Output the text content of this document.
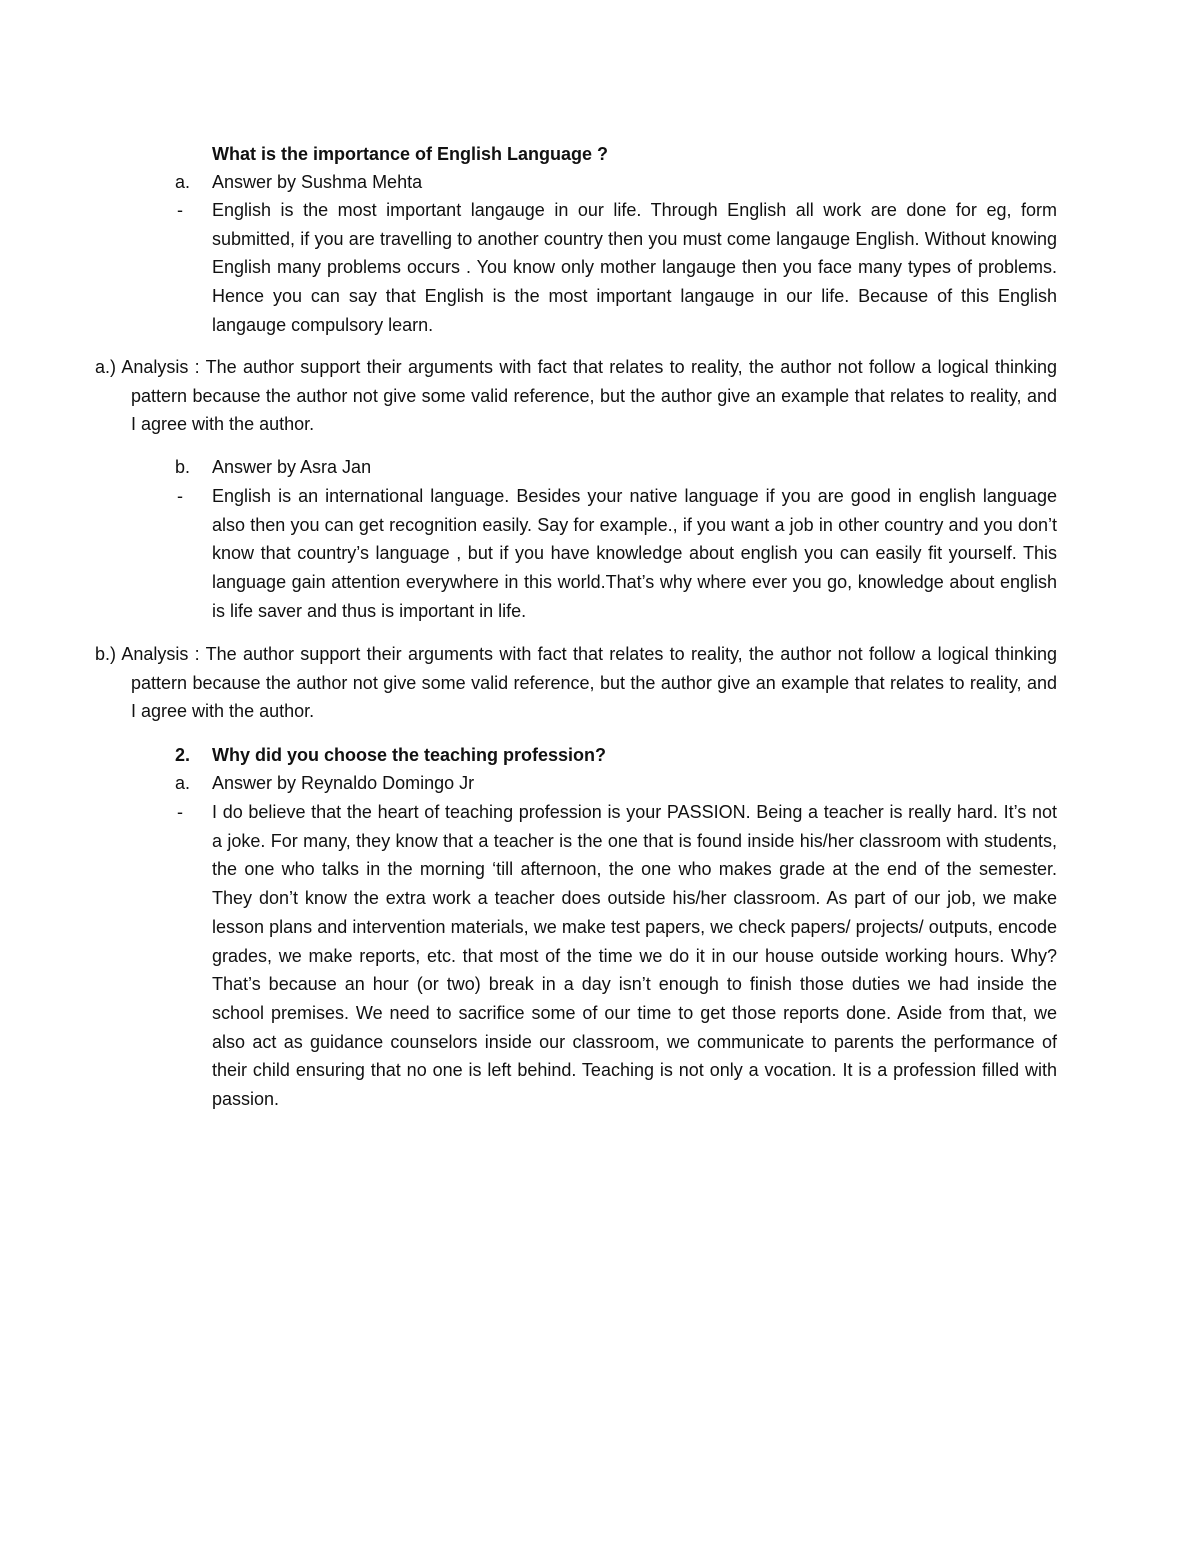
What is the importance of English Language ?
a. Answer by Sushma Mehta
- English is the most important langauge in our life. Through English all work are done for eg, form submitted, if you are travelling to another country then you must come langauge English. Without knowing English many problems occurs . You know only mother langauge then you face many types of problems. Hence you can say that English is the most important langauge in our life. Because of this English langauge compulsory learn.
a.) Analysis : The author support their arguments with fact that relates to reality, the author not follow a logical thinking pattern because the author not give some valid reference, but the author give an example that relates to reality, and I agree with the author.
b. Answer by Asra Jan
- English is an international language. Besides your native language if you are good in english language also then you can get recognition easily. Say for example., if you want a job in other country and you don’t know that country’s language , but if you have knowledge about english you can easily fit yourself. This language gain attention everywhere in this world.That’s why where ever you go, knowledge about english is life saver and thus is important in life.
b.) Analysis : The author support their arguments with fact that relates to reality, the author not follow a logical thinking pattern because the author not give some valid reference, but the author give an example that relates to reality, and I agree with the author.
2. Why did you choose the teaching profession?
a. Answer by Reynaldo Domingo Jr
- I do believe that the heart of teaching profession is your PASSION. Being a teacher is really hard. It’s not a joke. For many, they know that a teacher is the one that is found inside his/her classroom with students, the one who talks in the morning ‘till afternoon, the one who makes grade at the end of the semester. They don’t know the extra work a teacher does outside his/her classroom. As part of our job, we make lesson plans and intervention materials, we make test papers, we check papers/ projects/ outputs, encode grades, we make reports, etc. that most of the time we do it in our house outside working hours. Why? That’s because an hour (or two) break in a day isn’t enough to finish those duties we had inside the school premises. We need to sacrifice some of our time to get those reports done. Aside from that, we also act as guidance counselors inside our classroom, we communicate to parents the performance of their child ensuring that no one is left behind. Teaching is not only a vocation. It is a profession filled with passion.
